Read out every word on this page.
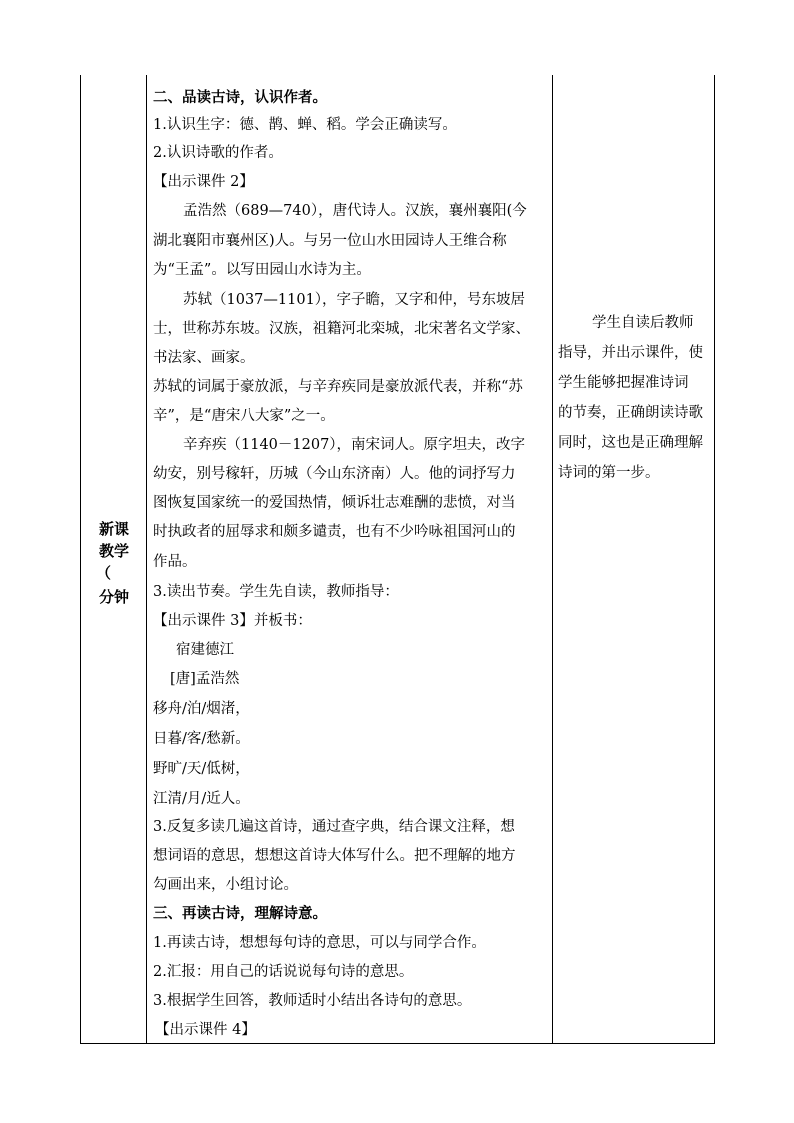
新课
教学
（
分钟

二、品读古诗，认识作者。

1.认识生字：德、鹊、蝉、稻。学会正确读写。

2.认识诗歌的作者。

【出示课件 2】

孟浩然（689—740），唐代诗人。汉族，襄州襄阳(今

湖北襄阳市襄州区)人。与另一位山水田园诗人王维合称

为“王孟”。以写田园山水诗为主。

苏轼（1037—1101），字子瞻，又字和仲，号东坡居

士，世称苏东坡。汉族，祖籍河北栾城，北宋著名文学家、

书法家、画家。

苏轼的词属于豪放派，与辛弃疾同是豪放派代表，并称“苏

辛”，是“唐宋八大家”之一。

辛弃疾（1140－1207），南宋词人。原字坦夫，改字

幼安，别号稼轩，历城（今山东济南）人。他的词抒写力

图恢复国家统一的爱国热情，倾诉壮志难酬的悲愤，对当

时执政者的屈辱求和颇多谴责，也有不少吟咏祖国河山的

作品。

3.读出节奏。学生先自读，教师指导：

【出示课件 3】并板书：

宿建德江

[唐]孟浩然

移舟/泊/烟渚，

日暮/客/愁新。

野旷/天/低树，

江清/月/近人。

3.反复多读几遍这首诗，通过查字典，结合课文注释，想

想词语的意思，想想这首诗大体写什么。把不理解的地方

勾画出来，小组讨论。

三、再读古诗，理解诗意。

1.再读古诗，想想每句诗的意思，可以与同学合作。

2.汇报：用自己的话说说每句诗的意思。

3.根据学生回答，教师适时小结出各诗句的意思。

【出示课件 4】

学生自读后教师

指导，并出示课件，使

学生能够把握准诗词

的节奏，正确朗读诗歌

同时，这也是正确理解

诗词的第一步。
